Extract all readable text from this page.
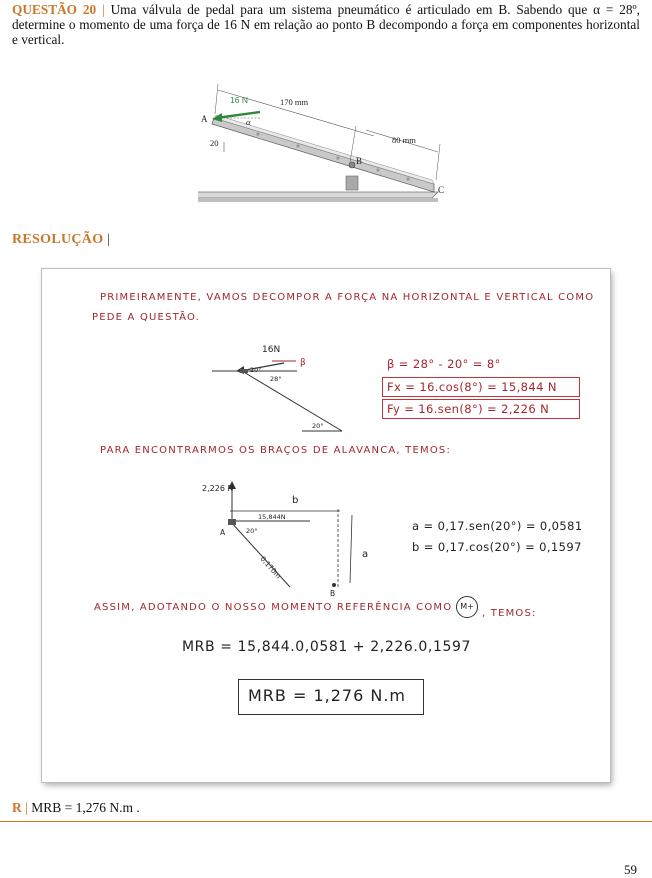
QUESTÃO 20 | Uma válvula de pedal para um sistema pneumático é articulado em B. Sabendo que α = 28º, determine o momento de uma força de 16 N em relação ao ponto B decompondo a força em componentes horizontal e vertical.
16 N	170 mm
80 mm
20
A
B
C
α
RESOLUÇÃO |
PRIMEIRAMENTE, VAMOS DECOMPOR A FORÇA NA HORIZONTAL E VERTICAL COMO
PEDE A QUESTÃO.
16N
β
20°
28°
20°
β = 28° - 20° = 8°
Fx = 16.cos(8°) = 15,844 N
Fy = 16.sen(8°) = 2,226 N
PARA ENCONTRARMOS OS BRAÇOS DE ALAVANCA, TEMOS:
2,226 N
b
15,844N
20°
A
0,170m
a
B
a = 0,17.sen(20°) = 0,0581
b = 0,17.cos(20°) = 0,1597
ASSIM, ADOTANDO O NOSSO MOMENTO REFERÊNCIA COMO M+
, TEMOS:
MRB = 15,844.0,0581 + 2,226.0,1597
MRB = 1,276 N.m
R | MRB = 1,276 N.m .
59
